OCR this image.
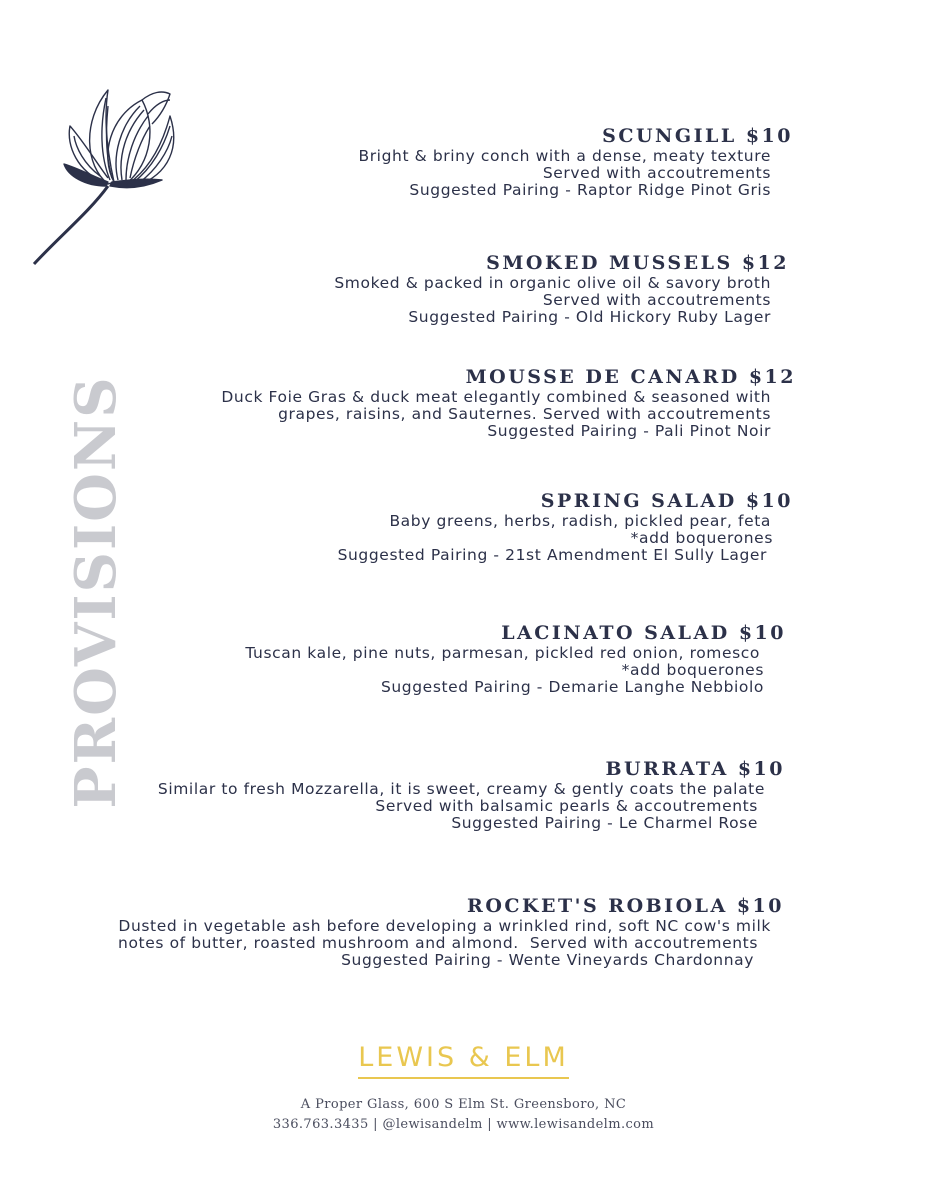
PROVISIONS
SCUNGILL $10

Bright & briny conch with a dense, meaty texture

Served with accoutrements

Suggested Pairing - Raptor Ridge Pinot Gris

SMOKED MUSSELS $12

Smoked & packed in organic olive oil & savory broth

Served with accoutrements

Suggested Pairing - Old Hickory Ruby Lager

MOUSSE DE CANARD $12

Duck Foie Gras & duck meat elegantly combined & seasoned with

grapes, raisins, and Sauternes. Served with accoutrements

Suggested Pairing - Pali Pinot Noir

SPRING SALAD $10

Baby greens, herbs, radish, pickled pear, feta

*add boquerones

Suggested Pairing - 21st Amendment El Sully Lager

LACINATO SALAD $10

Tuscan kale, pine nuts, parmesan, pickled red onion, romesco

*add boquerones

Suggested Pairing - Demarie Langhe Nebbiolo

BURRATA $10

Similar to fresh Mozzarella, it is sweet, creamy & gently coats the palate

Served with balsamic pearls & accoutrements

Suggested Pairing - Le Charmel Rose

ROCKET'S ROBIOLA $10

Dusted in vegetable ash before developing a wrinkled rind, soft NC cow's milk

notes of butter, roasted mushroom and almond.  Served with accoutrements

Suggested Pairing - Wente Vineyards Chardonnay

LEWIS & ELM
A Proper Glass, 600 S Elm St. Greensboro, NC
336.763.3435 | @lewisandelm | www.lewisandelm.com
